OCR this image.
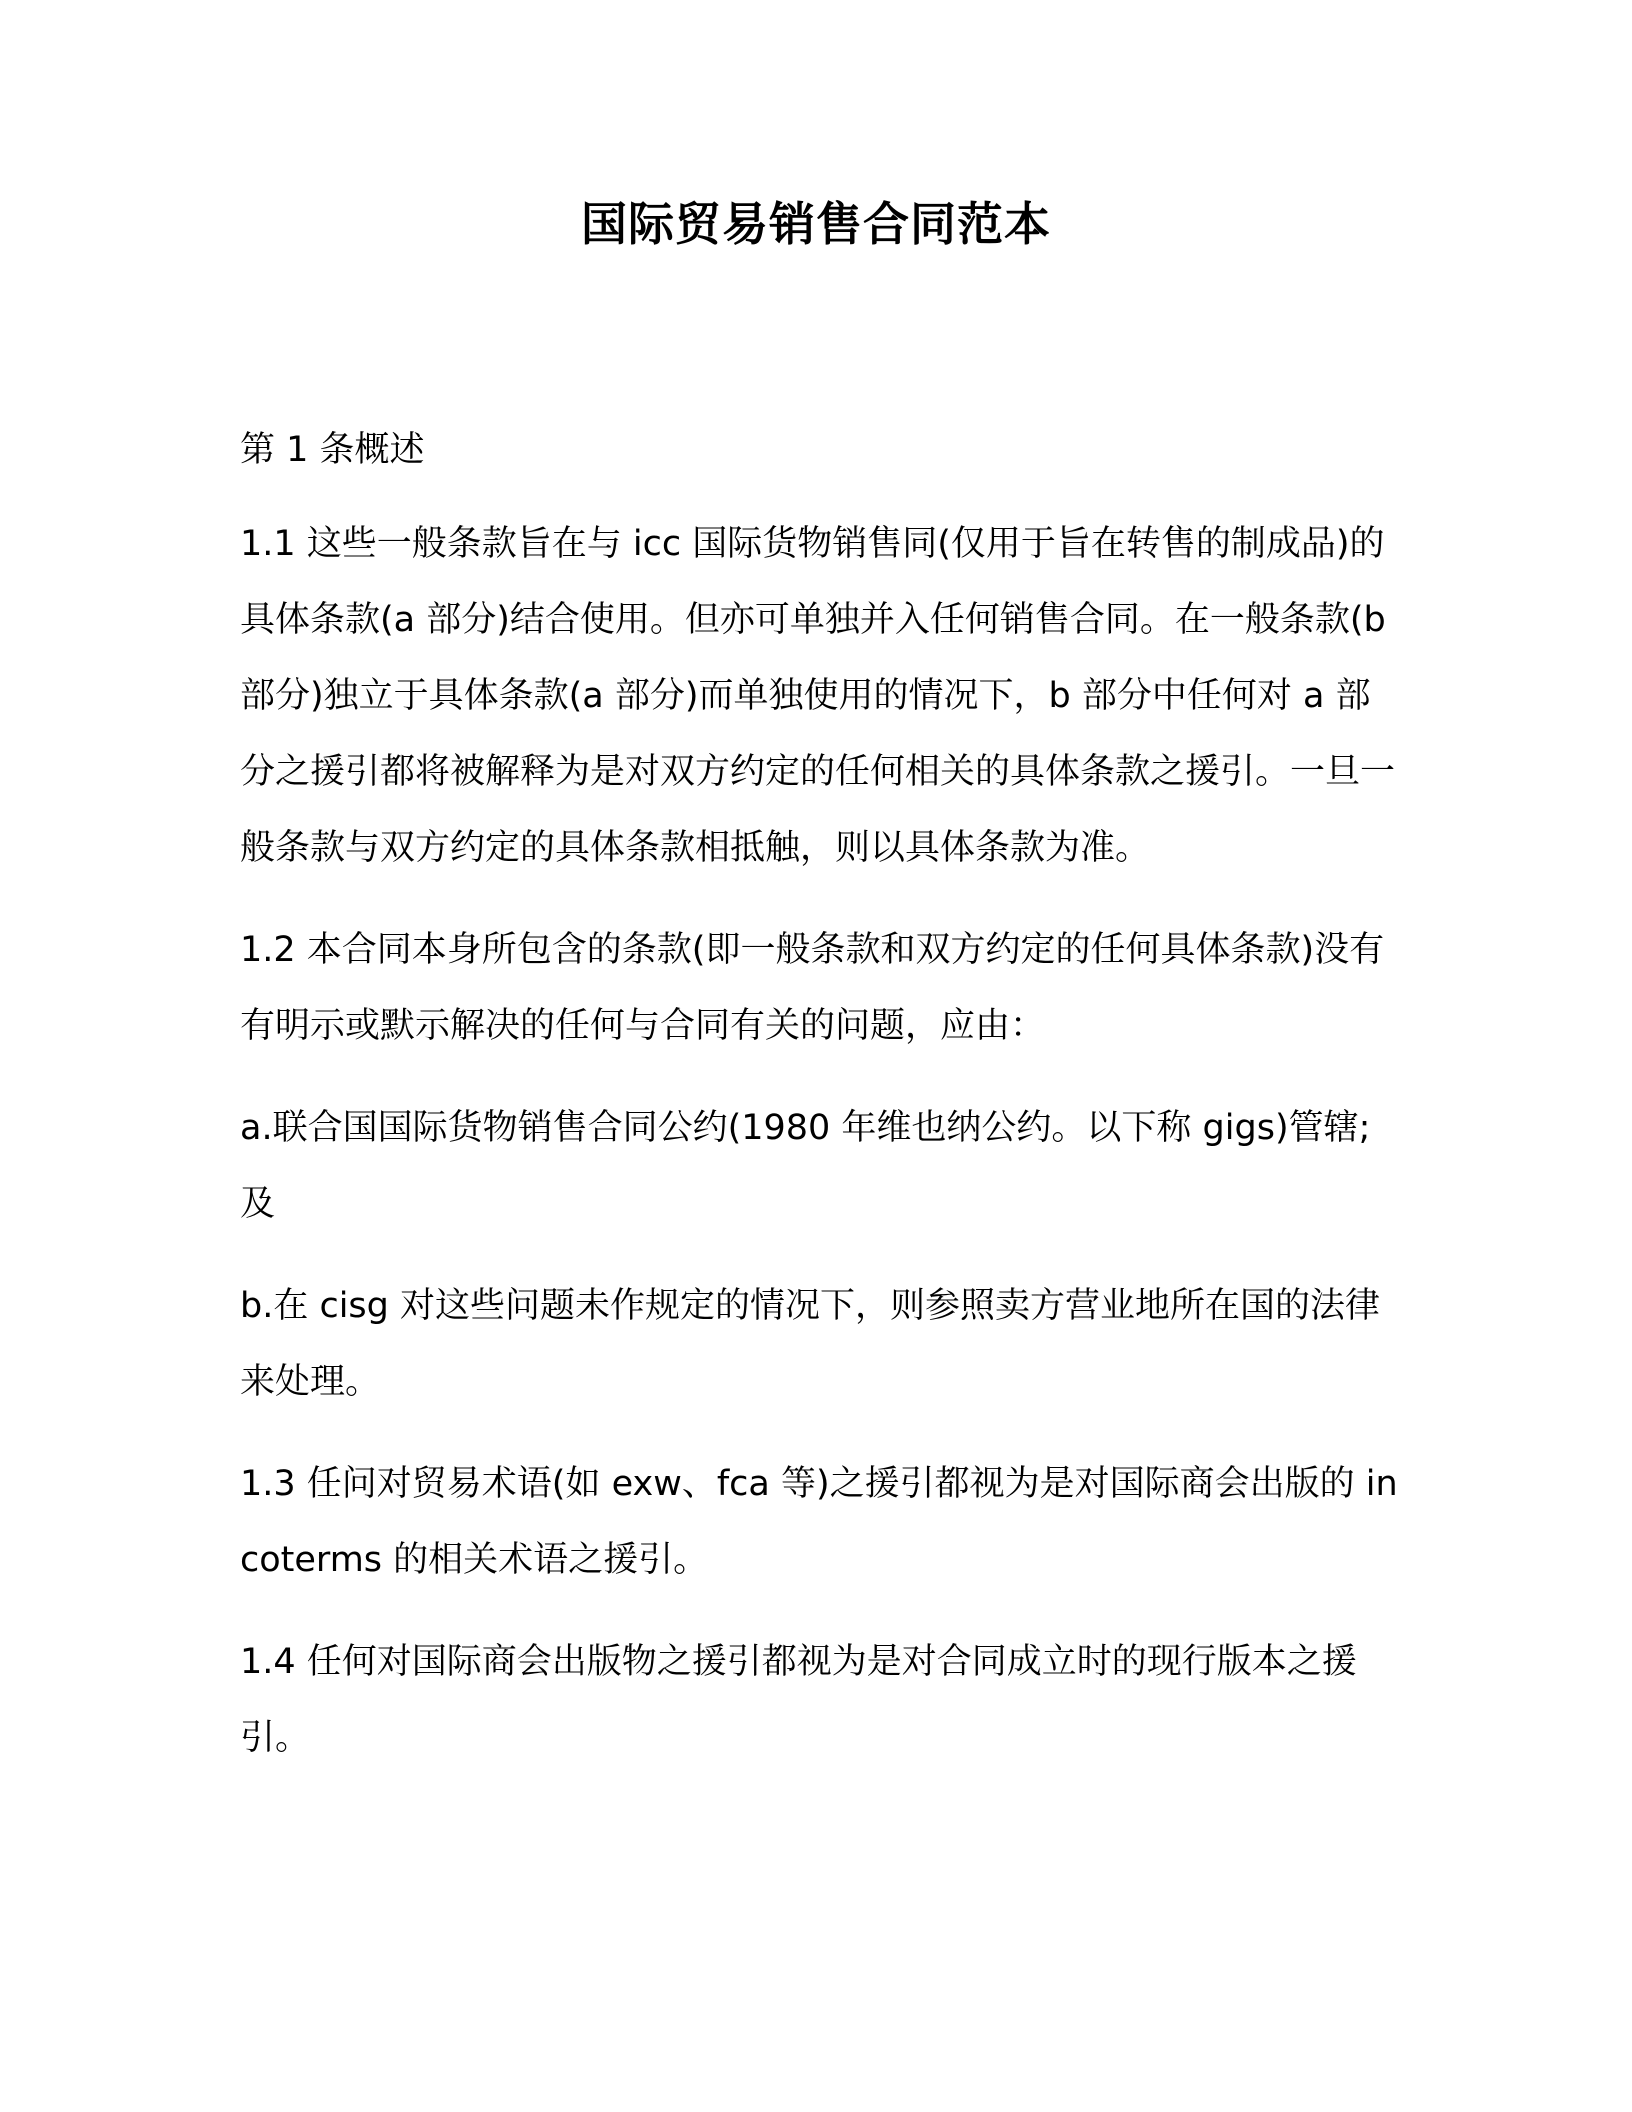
国际贸易销售合同范本

第 1 条概述

1.1 这些一般条款旨在与 icc 国际货物销售同(仅用于旨在转售的制成品)的具体条款(a 部分)结合使用。但亦可单独并入任何销售合同。在一般条款(b 部分)独立于具体条款(a 部分)而单独使用的情况下，b 部分中任何对 a 部分之援引都将被解释为是对双方约定的任何相关的具体条款之援引。一旦一般条款与双方约定的具体条款相抵触，则以具体条款为准。

1.2 本合同本身所包含的条款(即一般条款和双方约定的任何具体条款)没有有明示或默示解决的任何与合同有关的问题，应由：

a.联合国国际货物销售合同公约(1980 年维也纳公约。以下称 gigs)管辖;及

b.在 cisg 对这些问题未作规定的情况下，则参照卖方营业地所在国的法律来处理。

1.3 任问对贸易术语(如 exw、fca 等)之援引都视为是对国际商会出版的 incoterms 的相关术语之援引。

1.4 任何对国际商会出版物之援引都视为是对合同成立时的现行版本之援引。
